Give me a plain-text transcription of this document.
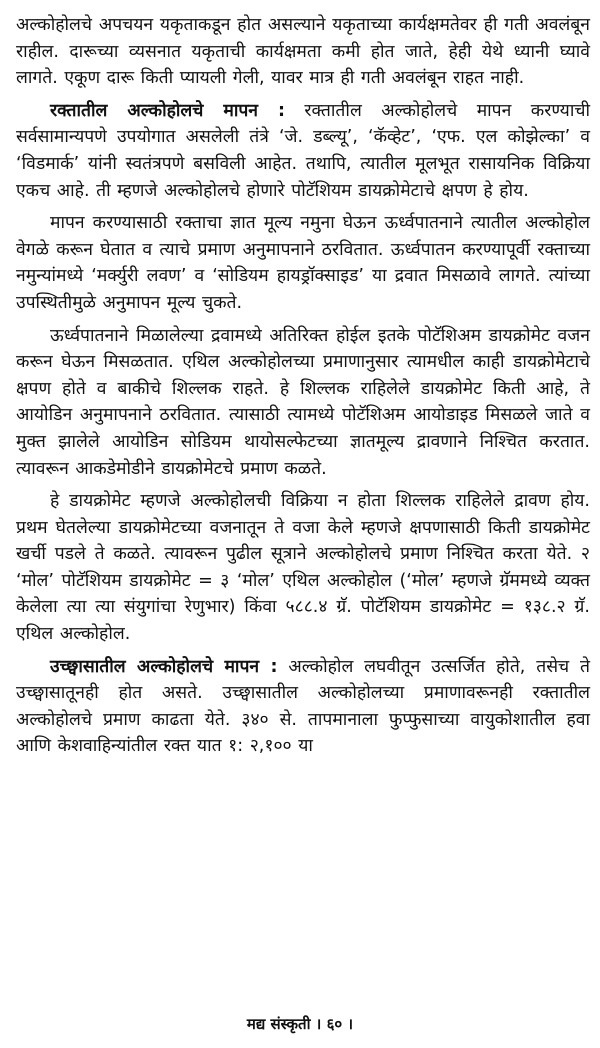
अल्कोहोलचे अपचयन यकृताकडून होत असल्याने यकृताच्या कार्यक्षमतेवर ही गती अवलंबून राहील. दारूच्या व्यसनात यकृताची कार्यक्षमता कमी होत जाते, हेही येथे ध्यानी घ्यावे लागते. एकूण दारू किती प्यायली गेली, यावर मात्र ही गती अवलंबून राहत नाही.

रक्तातील अल्कोहोलचे मापन : रक्तातील अल्कोहोलचे मापन करण्याची सर्वसामान्यपणे उपयोगात असलेली तंत्रे ‘जे. डब्ल्यू’, ‘कॅव्हेट’, ‘एफ. एल कोझेल्का’ व ‘विडमार्क’ यांनी स्वतंत्रपणे बसविली आहेत. तथापि, त्यातील मूलभूत रासायनिक विक्रिया एकच आहे. ती म्हणजे अल्कोहोलचे होणारे पोटॅशियम डायक्रोमेटाचे क्षपण हे होय.

मापन करण्यासाठी रक्ताचा ज्ञात मूल्य नमुना घेऊन ऊर्ध्वपातनाने त्यातील अल्कोहोल वेगळे करून घेतात व त्याचे प्रमाण अनुमापनाने ठरवितात. ऊर्ध्वपातन करण्यापूर्वी रक्ताच्या नमुन्यांमध्ये ‘मर्क्युरी लवण’ व ‘सोडियम हायड्रॉक्साइड’ या द्रवात मिसळावे लागते. त्यांच्या उपस्थितीमुळे अनुमापन मूल्य चुकते.

ऊर्ध्वपातनाने मिळालेल्या द्रवामध्ये अतिरिक्त होईल इतके पोटॅशिअम डायक्रोमेट वजन करून घेऊन मिसळतात. एथिल अल्कोहोलच्या प्रमाणानुसार त्यामधील काही डायक्रोमेटाचे क्षपण होते व बाकीचे शिल्लक राहते. हे शिल्लक राहिलेले डायक्रोमेट किती आहे, ते आयोडिन अनुमापनाने ठरवितात. त्यासाठी त्यामध्ये पोटॅशिअम आयोडाइड मिसळले जाते व मुक्त झालेले आयोडिन सोडियम थायोसल्फेटच्या ज्ञातमूल्य द्रावणाने निश्चित करतात. त्यावरून आकडेमोडीने डायक्रोमेटचे प्रमाण कळते.

हे डायक्रोमेट म्हणजे अल्कोहोलची विक्रिया न होता शिल्लक राहिलेले द्रावण होय. प्रथम घेतलेल्या डायक्रोमेटच्या वजनातून ते वजा केले म्हणजे क्षपणासाठी किती डायक्रोमेट खर्ची पडले ते कळते. त्यावरून पुढील सूत्राने अल्कोहोलचे प्रमाण निश्चित करता येते. २ ‘मोल’ पोटॅशियम डायक्रोमेट = ३ ‘मोल’ एथिल अल्कोहोल (‘मोल’ म्हणजे ग्रॅममध्ये व्यक्त केलेला त्या त्या संयुगांचा रेणुभार) किंवा ५८८.४ ग्रॅ. पोटॅशियम डायक्रोमेट = १३८.२ ग्रॅ. एथिल अल्कोहोल.

उच्छ्वासातील अल्कोहोलचे मापन : अल्कोहोल लघवीतून उत्सर्जित होते, तसेच ते उच्छ्वासातूनही होत असते. उच्छ्वासातील अल्कोहोलच्या प्रमाणावरूनही रक्तातील अल्कोहोलचे प्रमाण काढता येते. ३४० से. तापमानाला फुप्फुसाच्या वायुकोशातील हवा आणि केशवाहिन्यांतील रक्त यात १: २,१०० या

मद्य संस्कृती । ६० ।
